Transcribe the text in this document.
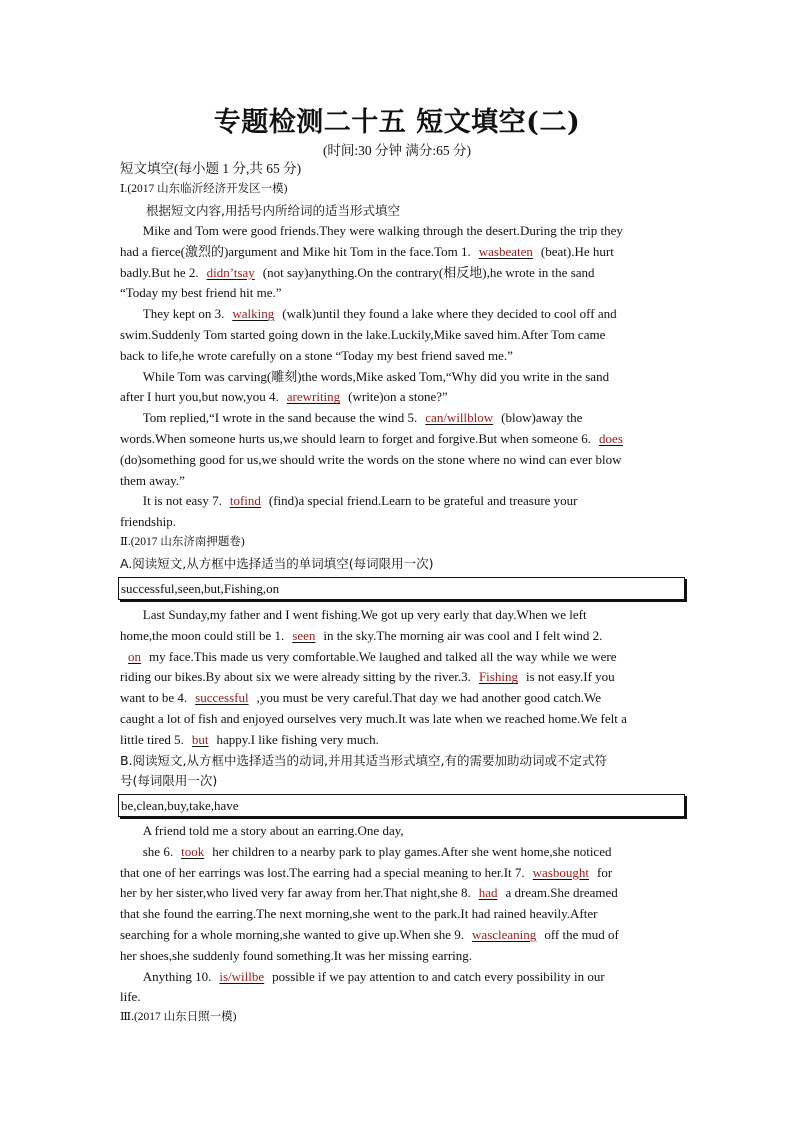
专题检测二十五 短文填空(二)
(时间:30 分钟 满分:65 分)
短文填空(每小题 1 分,共 65 分)
Ⅰ.(2017 山东临沂经济开发区一模)
根据短文内容,用括号内所给词的适当形式填空
Mike and Tom were good friends.They were walking through the desert.During the trip they
had a fierce(激烈的)argument and Mike hit Tom in the face.Tom 1. wasbeaten (beat).He hurt
badly.But he 2. didn’tsay (not say)anything.On the contrary(相反地),he wrote in the sand
“Today my best friend hit me.”
They kept on 3. walking (walk)until they found a lake where they decided to cool off and
swim.Suddenly Tom started going down in the lake.Luckily,Mike saved him.After Tom came
back to life,he wrote carefully on a stone “Today my best friend saved me.”
While Tom was carving(雕刻)the words,Mike asked Tom,“Why did you write in the sand
after I hurt you,but now,you 4. arewriting (write)on a stone?”
Tom replied,“I wrote in the sand because the wind 5. can/willblow (blow)away the
words.When someone hurts us,we should learn to forget and forgive.But when someone 6. does
(do)something good for us,we should write the words on the stone where no wind can ever blow
them away.”
It is not easy 7. tofind (find)a special friend.Learn to be grateful and treasure your
friendship.
Ⅱ.(2017 山东济南押题卷)
A.阅读短文,从方框中选择适当的单词填空(每词限用一次)
successful,seen,but,Fishing,on
Last Sunday,my father and I went fishing.We got up very early that day.When we left
home,the moon could still be 1. seen in the sky.The morning air was cool and I felt wind 2.
on my face.This made us very comfortable.We laughed and talked all the way while we were
riding our bikes.By about six we were already sitting by the river.3. Fishing is not easy.If you
want to be 4. successful ,you must be very careful.That day we had another good catch.We
caught a lot of fish and enjoyed ourselves very much.It was late when we reached home.We felt a
little tired 5. but happy.I like fishing very much.
B.阅读短文,从方框中选择适当的动词,并用其适当形式填空,有的需要加助动词或不定式符
号(每词限用一次)
be,clean,buy,take,have
A friend told me a story about an earring.One day,
she 6. took her children to a nearby park to play games.After she went home,she noticed
that one of her earrings was lost.The earring had a special meaning to her.It 7. wasbought for
her by her sister,who lived very far away from her.That night,she 8. had a dream.She dreamed
that she found the earring.The next morning,she went to the park.It had rained heavily.After
searching for a whole morning,she wanted to give up.When she 9. wascleaning off the mud of
her shoes,she suddenly found something.It was her missing earring.
Anything 10. is/willbe possible if we pay attention to and catch every possibility in our
life.
Ⅲ.(2017 山东日照一模)
